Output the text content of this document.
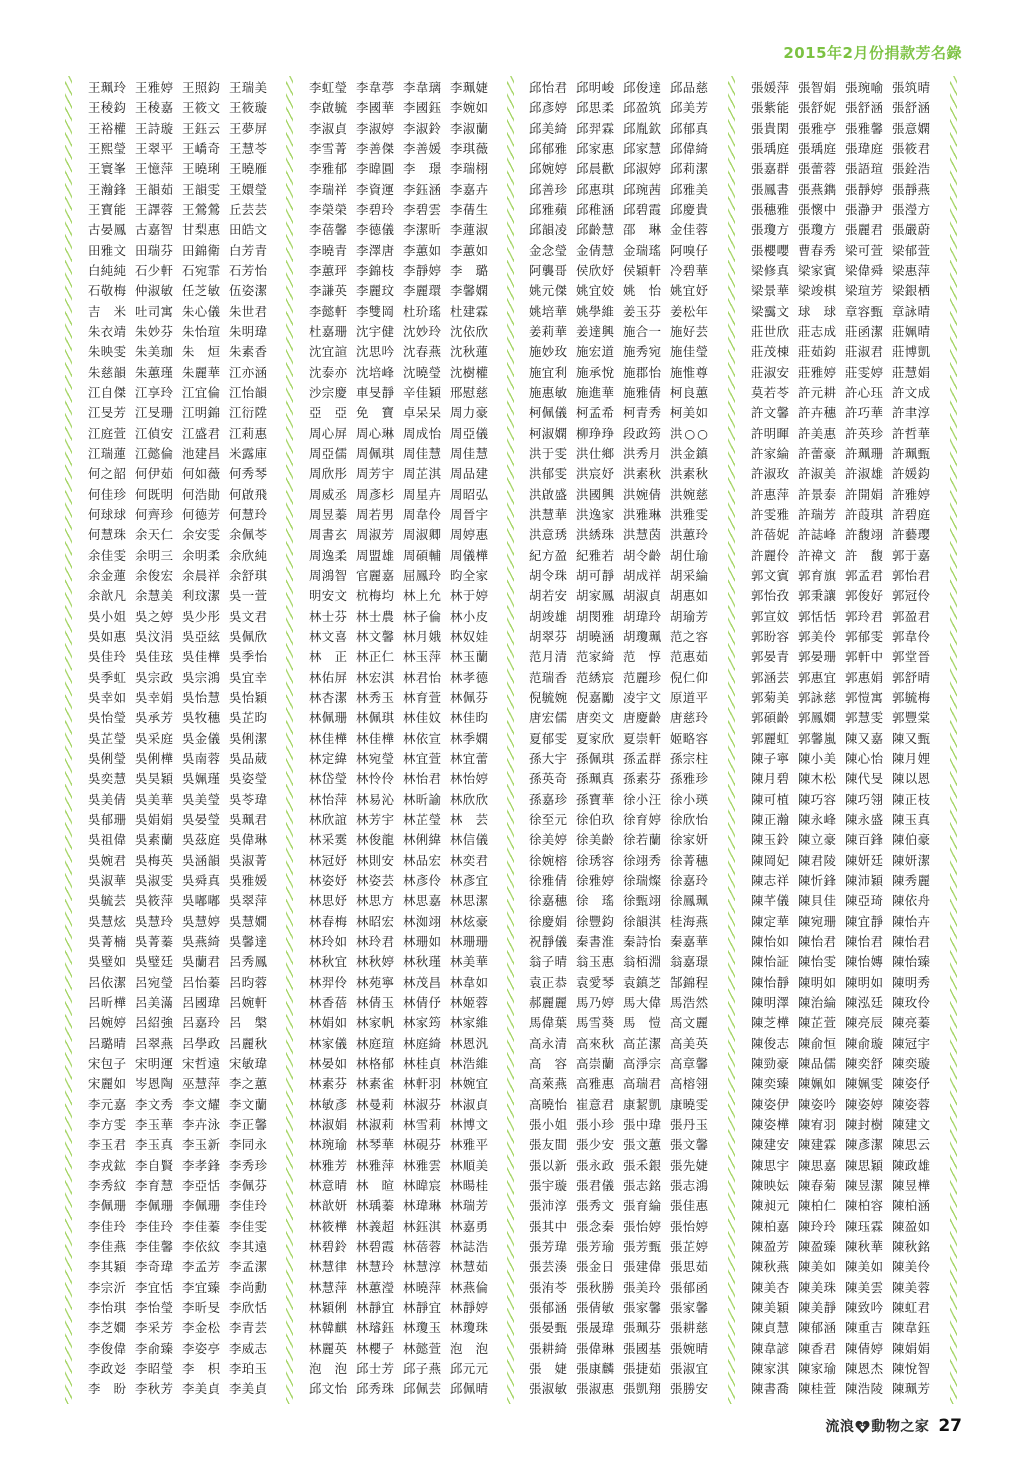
2015年2月份捐款芳名錄
王珮玲 王雅婷 王照鈞 王瑞美
王稜鈞 王稜嘉 王筱文 王筱璇
王裕權 王詩璇 王鈺云 王夢屏
王熙瑩 王翠平 王嶠奇 王慧苓
王寰峯 王憶萍 王曉琍 王曉雁
王瀚鋒 王韻茹 王韻雯 王嬛瑩
王寶能 王譯蓉 王鶯鶯 丘芸芸
古晏鳳 古嘉智 甘梨惠 田皓文
田雅文 田瑞芬 田錦衛 白芳青
白純純 石少軒 石宛霏 石芳怡
石敬梅 仲淑敏 任芝敏 伍姿潔
吉 米 吐司寓 朱心儀 朱世君
朱衣靖 朱妙芬 朱怡瑄 朱明瑋
朱映雯 朱美珈 朱 烜 朱素香
朱慈韻 朱蕙瑾 朱麗華 江亦涵
江自傑 江享玲 江宜倫 江怡韻
江旻芳 江旻珊 江明錦 江衍陞
江庭萱 江偵安 江盛君 江莉惠
江瑞蓮 江懿倫 池建昌 米露庫
何之韶 何伊茹 何如薇 何秀琴
何佳珍 何既明 何浩勛 何啟飛
何球球 何齊珍 何德芳 何慧玲
何慧珠 余天仁 余安雯 余佩苓
余佳雯 余明三 余明柔 余欣純
余金蓮 余俊宏 余晨祥 余舒琪
余歆凡 余慧美 利玟潔 吳一萱
吳小姐 吳之婷 吳少彤 吳文君
吳如惠 吳汶涓 吳亞絃 吳佩欣
吳佳玲 吳佳玹 吳佳樺 吳季怡
吳季虹 吳宗政 吳宗鴻 吳宜幸
吳幸如 吳幸娟 吳怡慧 吳怡穎
吳怡瑩 吳承芳 吳牧穗 吳芷昀
吳芷瑩 吳采庭 吳金儀 吳俐潔
吳俐瑩 吳俐樺 吳南蓉 吳品葳
吳奕慧 吳昊穎 吳姵瑾 吳姿瑩
吳美倩 吳美華 吳美瑩 吳苓瑋
吳郁珊 吳娟娟 吳晏瑩 吳珮君
吳祖偉 吳素蘭 吳茲庭 吳偉琳
吳婉君 吳梅英 吳涵韻 吳淑菁
吳淑華 吳淑雯 吳舜真 吳雅媛
吳毓芸 吳筱萍 吳嘟嘟 吳翠萍
吳慧炫 吳慧玲 吳慧婷 吳慧嫺
吳菁楠 吳菁蓁 吳燕綺 吳馨達
吳璧如 吳璧廷 吳蘭君 呂秀鳳
呂依潔 呂宛瑩 呂怡蓁 呂昀蓉
呂昕樺 呂美滿 呂國瑋 呂婉軒
呂婉婷 呂紹強 呂嘉玲 呂 槃
呂璐晴 呂翠燕 呂學政 呂麗秋
宋包子 宋明運 宋哲遠 宋敏瑋
宋麗如 岑恩陶 巫慧萍 李之蕙
李元嘉 李文秀 李文耀 李文蘭
李方雯 李玉華 李卉泳 李正馨
李玉君 李玉真 李玉新 李同永
李戎鈜 李自賢 李孝鋒 李秀珍
李秀紋 李育慧 李亞恬 李佩芬
李佩珊 李佩珊 李佩珊 李佳玲
李佳玲 李佳玲 李佳蓁 李佳雯
李佳燕 李佳馨 李依紋 李其遠
李其穎 李奇瑋 李孟芳 李孟潔
李宗沂 李宜恬 李宜臻 李尚勳
李怡琪 李怡瑩 李昕旻 李欣恬
李芝嫺 李采芳 李金松 李青芸
李俊偉 李俞臻 李姿亭 李威志
李政彣 李昭瑩 李 枳 李珀玉
李 盼 李秋芳 李美貞 李美貞
李虹瑩 李韋葶 李韋璃 李珮婕
李啟毓 李國華 李國鈺 李婉如
李淑貞 李淑婷 李淑鈴 李淑蘭
李雪菁 李善傑 李善媛 李琪薇
李雅郁 李暐圓 李 璟 李瑞栩
李瑞祥 李資運 李鈺涵 李嘉卉
李榮榮 李碧玲 李碧雲 李蒨生
李蓓馨 李德儀 李潔昕 李蓮淑
李曉青 李澤唐 李蕙如 李蕙如
李蕙玶 李錦枝 李靜婷 李 璐
李謙英 李麗玟 李麗環 李馨嫻
李懿軒 李雙岡 杜玠瑤 杜建霖
杜嘉珊 沈宇健 沈妙玲 沈依欣
沈宜諠 沈思吟 沈春燕 沈秋蓮
沈泰亦 沈培峰 沈曉瑩 沈樹權
沙宗慶 車旻靜 辛佳穎 邢慰慈
亞 亞 免 寶 卓呆呆 周力豪
周心屏 周心琳 周成怡 周亞儀
周亞儒 周佩琪 周佳慧 周佳慧
周欣彤 周芳宇 周芷淇 周品建
周威丞 周彥杉 周星卉 周昭弘
周昱蓁 周若男 周韋伶 周晉宇
周書玄 周淑芳 周淑卿 周婷惠
周逸柔 周盟雄 周碩輔 周儀樺
周鴻智 官麗嘉 屈鳳玲 昀全家
明安文 杭梅均 林上允 林于婷
林士芬 林士農 林子倫 林小皮
林文喜 林文馨 林月娥 林奴娃
林 正 林正仁 林玉萍 林玉蘭
林佑屏 林宏淇 林君怡 林孝德
林杏潔 林秀玉 林育萱 林佩芬
林佩珊 林佩琪 林佳妏 林佳昀
林佳樺 林佳樺 林依宣 林季嫻
林定緯 林宛瑩 林宜萱 林宜蕾
林岱瑩 林怜伶 林怡君 林怡婷
林怡萍 林易沁 林昕諭 林欣欣
林欣誼 林芳宇 林芷瑩 林 芸
林采霙 林俊龍 林俐緯 林信儀
林冠妤 林則安 林品宏 林奕君
林姿妤 林姿芸 林彥伶 林彥宜
林思妤 林思方 林思嘉 林思潔
林春梅 林昭宏 林洳翊 林炫豪
林玲如 林玲君 林珊如 林珊珊
林秋宜 林秋婷 林秋瑾 林美華
林羿伶 林苑寧 林茂昌 林韋如
林香蓓 林倩玉 林倩伃 林姬蓉
林娟如 林家帆 林家筠 林家維
林家儀 林庭瑄 林庭綺 林恩汎
林晏如 林格郁 林桂貞 林浩維
林素芬 林素雀 林軒羽 林婉宜
林敏彥 林曼莉 林淑芬 林淑貞
林淑娟 林淑莉 林雪莉 林博文
林琬瑜 林琴華 林硯芬 林雅平
林雅芳 林雅萍 林雅雲 林順美
林意晴 林 暄 林暐宸 林暘桂
林歆妍 林瑀蓁 林瑋琳 林瑞芳
林筱樺 林義超 林鈺淇 林嘉勇
林碧鈴 林碧霞 林蓓蓉 林誌浩
林慧律 林慧玲 林慧淳 林慧茹
林慧萍 林蕙瀅 林曉萍 林燕倫
林穎俐 林靜宜 林靜宜 林靜婷
林韓麒 林璿鈺 林瓊玉 林瓊珠
林麗英 林櫻子 林懿萱 泡 泡
泡 泡 邱士芳 邱子燕 邱元元
邱文怡 邱秀珠 邱佩芸 邱佩晴
邱怡君 邱明峻 邱俊達 邱品慈
邱彥婷 邱思柔 邱盈筑 邱美芳
邱美綺 邱羿霖 邱胤欽 邱郁真
邱郁雅 邱家惠 邱家慧 邱偉綺
邱婉婷 邱晨歡 邱淑婷 邱莉潔
邱善珍 邱惠琪 邱琬茜 邱雅美
邱雅蘋 邱稚涵 邱碧霞 邱慶貴
邱韻凌 邱齡慧 邵 琳 金佳蓉
金念瑩 金倩慧 金瑞瑤 阿嗅仔
阿襲哥 侯欣妤 侯穎軒 冷碧華
姚元傑 姚宜姣 姚 怡 姚宜妤
姚培華 姚學維 姜玉芬 姜松年
姜莉華 姜達興 施合一 施好芸
施妙玫 施宏道 施秀宛 施佳瑩
施宜利 施承悅 施郡怡 施惟尊
施惠敏 施進華 施雅倩 柯良蕙
柯佩儀 柯孟希 柯青秀 柯美如
柯淑嫻 柳琤琤 段政筠 洪○○
洪于雯 洪仕鄉 洪秀月 洪金鎮
洪郁雯 洪宸妤 洪素秋 洪素秋
洪啟盛 洪國興 洪婉倩 洪婉慈
洪慧華 洪逸家 洪雅琳 洪雅雯
洪意琇 洪綉珠 洪慧茵 洪蕙玲
紀方盈 紀雅若 胡令齡 胡仕瑜
胡令珠 胡可靜 胡成祥 胡采綸
胡若安 胡家鳳 胡淑貞 胡惠如
胡竣雄 胡閔雅 胡瑋玲 胡瑜芳
胡翠芬 胡曉涵 胡瓊珮 范之容
范月清 范家綺 范 惇 范惠茹
范瑞香 范綉宸 范麗珍 倪仁仰
倪毓婉 倪嘉勵 凌宇文 原道平
唐宏儒 唐奕文 唐慶齡 唐慈玲
夏郁雯 夏家欣 夏崇軒 姬略容
孫大宇 孫佩琪 孫孟群 孫宗柱
孫英奇 孫珮真 孫素芬 孫雅珍
孫嘉珍 孫寶華 徐小汪 徐小瑛
徐至元 徐伯玖 徐育婷 徐欣怡
徐美婷 徐美齡 徐若蘭 徐家妍
徐婉榕 徐琇容 徐翊秀 徐菁穗
徐雅倩 徐雅婷 徐瑞燦 徐嘉玲
徐嘉穗 徐 瑤 徐甄翊 徐鳳珮
徐慶娟 徐豐鈞 徐韻淇 桂海燕
祝靜儀 秦書淮 秦詩怡 秦嘉華
翁子晴 翁玉惠 翁栢淵 翁嘉璟
袁正恭 袁愛琴 袁鎮芝 郜錦程
郝麗麗 馬乃婷 馬大偉 馬浩然
馬偉葉 馬雪葵 馬 愷 高文麗
高永清 高來秋 高芷潔 高美英
高 容 高崇蘭 高淨宗 高章馨
高萊燕 高雅惠 高瑞君 高榕翎
高曉怡 崔意君 康絜凱 康曉雯
張小姐 張小珍 張中瑋 張丹玉
張友間 張少安 張文蕙 張文馨
張以新 張永政 張禾銀 張先婕
張宇璇 張君儀 張志銘 張志鴻
張沛淳 張秀文 張育綸 張佳惠
張其中 張念秦 張怡婷 張怡婷
張芳瑋 張芳瑜 張芳甄 張芷婷
張芸湊 張金日 張建偉 張思茹
張洧苓 張秋勝 張美玲 張郁函
張郁涵 張倩敏 張家馨 張家馨
張晏甄 張晟瑋 張珮芬 張耕慈
張耕綺 張偉琳 張國基 張婉晴
張 婕 張康麟 張捷茹 張淑宜
張淑敏 張淑惠 張凱翔 張勝安
張媛萍 張智娟 張琬喻 張筑晴
張紫能 張舒妮 張舒涵 張舒涵
張貴閑 張雅亭 張雅馨 張意嫻
張瑀庭 張瑀庭 張瑋庭 張筱君
張嘉群 張蕾蓉 張語瑄 張銓浩
張鳳書 張燕鐫 張靜婷 張靜燕
張穗雅 張懷中 張瀞尹 張瀅方
張瓊方 張瓊方 張麗君 張嚴蔚
張櫻嚶 曹春秀 梁可萱 梁郁萱
梁修真 梁家賓 梁偉舜 梁惠萍
梁景華 梁竣棋 梁瑄芳 梁銀栖
梁靄文 球 球 章容甄 章詠晴
莊世欣 莊志成 莊函潔 莊姵晴
莊茂棟 莊茹鈞 莊淑君 莊博凱
莊淑安 莊雅婷 莊雯婷 莊慧娟
莫若苓 許元耕 許心珏 許文成
許文馨 許卉穗 許巧華 許聿淳
許明暉 許美惠 許英珍 許哲華
許家綸 許蕾豪 許珮珊 許珮甄
許淑玫 許淑美 許淑雄 許媛鈞
許惠萍 許景泰 許開娟 許雅婷
許雯雅 許瑞芳 許葭琪 許碧庭
許蓓妮 許誌峰 許馥翊 許藝璎
許麗伶 許禕文 許 馥 郭于嘉
郭文賓 郭育旗 郭孟君 郭怡君
郭怡孜 郭秉讓 郭俊好 郭冠伶
郭宣妏 郭恬恬 郭玲君 郭盈君
郭盼容 郭美伶 郭郁雯 郭韋伶
郭晏青 郭晏珊 郭軒中 郭堂晉
郭涵芸 郭惠宜 郭惠娟 郭舒晴
郭菊美 郭詠慈 郭愷寓 郭毓梅
郭碩齡 郭鳳嫺 郭慧雯 郭豐棠
郭麗虹 郭馨嵐 陳又嘉 陳又甄
陳子寧 陳小美 陳心怡 陳月娌
陳月碧 陳木松 陳代旻 陳以恩
陳可植 陳巧容 陳巧翎 陳正枝
陳正瀚 陳永峰 陳永盛 陳玉真
陳玉鈴 陳立豪 陳百鋒 陳伯豪
陳岡妃 陳君陵 陳妍廷 陳妍潔
陳志祥 陳忻鋒 陳沛穎 陳秀麗
陳芊儀 陳貝佳 陳亞琦 陳依舟
陳定華 陳宛珊 陳宜靜 陳怡卉
陳怡如 陳怡君 陳怡君 陳怡君
陳怡証 陳怡雯 陳怡嫥 陳怡臻
陳怡靜 陳明如 陳明如 陳明秀
陳明澤 陳治綸 陳泓廷 陳玫伶
陳芝樺 陳芷萱 陳亮辰 陳亮蓁
陳俊志 陳俞恒 陳俞璇 陳冠宇
陳勁豪 陳品儒 陳奕舒 陳奕璇
陳奕臻 陳姵如 陳姵雯 陳姿伃
陳姿伊 陳姿吟 陳姿婷 陳姿蓉
陳姿樺 陳宥羽 陳封樹 陳建文
陳建安 陳建霖 陳彥潔 陳思云
陳思宇 陳思嘉 陳思穎 陳政雄
陳映妘 陳春菊 陳昱潔 陳昱樺
陳昶元 陳柏仁 陳柏容 陳柏涵
陳柏嘉 陳玲玲 陳珏霖 陳盈如
陳盈芳 陳盈臻 陳秋華 陳秋銘
陳秋燕 陳美如 陳美如 陳美伶
陳美杏 陳美珠 陳美雲 陳美蓉
陳美穎 陳美靜 陳致吟 陳虹君
陳貞慧 陳郁涵 陳重吉 陳韋鈺
陳韋諺 陳香君 陳倩婷 陳娟娟
陳家淇 陳家瑜 陳恩杰 陳悅智
陳書喬 陳桂萱 陳浩陵 陳珮芳
流浪 動物之家 27
